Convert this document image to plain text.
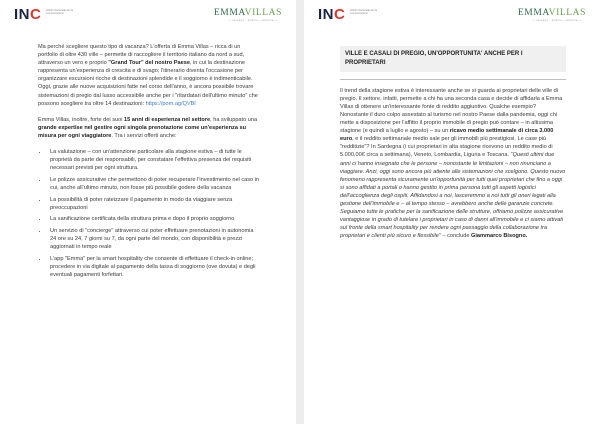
INC Istituto Nazionale per la Comunicazione	EMMAVILLAS
— tuscany · umbria · sardinia —

Ma perché scegliere questo tipo di vacanza? L'offerta di Emma Villas – ricca di un portfolio di oltre 430 ville – permette di raccogliere il territorio italiano da nord a sud, attraverso un vero e proprio "Grand Tour" del nostro Paese, in cui la destinazione rappresenta un'esperienza di crescita e di svago; l'itinerario diventa l'occasione per organizzare escursioni ricche di destinazioni splendide e il soggiorno è indimenticabile. Oggi, grazie alle nuove acquisizioni fatte nel corso dell'anno, è ancora possibile trovare sistemazioni di pregio dal lusso accessibile anche per i "ritardatari dell'ultimo minuto" che possono scegliere tra oltre 14 destinazioni: https://pom.ag/QVBl

Emma Villas, inoltre, forte dei suoi 15 anni di esperienza nel settore, ha sviluppato una grande expertise nel gestire ogni singola prenotazione come un'esperienza su misura per ogni viaggiatore. Tra i servizi offerti anche:

• La valutazione – con un'attenzione particolare alla stagione estiva – di tutte le proprietà da parte dei responsabili, per constatare l'effettiva presenza dei requisiti necessari previsti per ogni struttura.
• Le polizze assicurative che permettono di poter recuperare l'investimento nel caso in cui, anche all'ultimo minuto, non fosse più possibile godere della vacanza
• La possibilità di poter rateizzare il pagamento in modo da viaggiare senza preoccupazioni
• La sanificazione certificata della struttura prima e dopo il proprio soggiorno
• Un servizio di "concierge" attraverso cui poter effettuare prenotazioni in autonomia 24 ore su 24, 7 giorni su 7, da ogni parte del mondo, con disponibilità e prezzi aggiornati in tempo reale
• L'app "Emma" per la smart hospitality che consente di effettuare il check-in online; procedere in via digitale al pagamento della tassa di soggiorno (ove dovuta) e degli eventuali pagamenti forfettari.
INC Istituto Nazionale per la Comunicazione	EMMAVILLAS
— tuscany · umbria · sardinia —
VILLE E CASALI DI PREGIO, UN'OPPORTUNITA' ANCHE PER I PROPRIETARI

Il trend della stagione estiva è interessante anche se si guarda ai proprietari delle ville di pregio. Il settore, infatti, permette a chi ha una seconda casa e decide di affidarla a Emma Villas di ottenere un'interessante fonte di reddito aggiuntivo. Qualche esempio? Nonostante il duro colpo assestato al turismo nel nostro Paese dalla pandemia, oggi chi mette a disposizione per l'affitto il proprio immobile di pregio può contare – in altissima stagione (e quindi a luglio e agosto) – su un ricavo medio settimanale di circa 3.000 euro, e il reddito settimanale medio sale per gli immobili più prestigiosi. Le case più "redditizie"? In Sardegna (i cui proprietari in alta stagione ricevono un reddito medio di 5.000,00€ circa a settimana), Veneto, Lombardia, Liguria e Toscana. "Questi ultimi due anni ci hanno insegnato che le persone – nonostante le limitazioni – non rinunciano a viaggiare. Anzi, oggi sono ancora più attente alle sistemazioni che scelgono. Questo nuovo fenomeno rappresenta sicuramente un'opportunità per tutti quei proprietari che fino a oggi si sono affidati a portali o hanno gestito in prima persona tutti gli aspetti logistici dell'accoglienza degli ospiti. Affidandosi a noi, lasceremmo a noi tutti gli oneri legati alla gestione dell'immobile e – al tempo stesso – avrebbero anche delle garanzie concrete. Seguiamo tutte le pratiche per la sanificazione delle strutture, offriamo polizze assicurative vantaggiose in grado di tutelare i proprietari in caso di danni all'immobile e ci siamo attivati sul fronte della smart hospitality per rendere ogni passaggio della collaborazione tra proprietari e clienti più sicuro e flessibile" – conclude Giammarco Bisogno.
